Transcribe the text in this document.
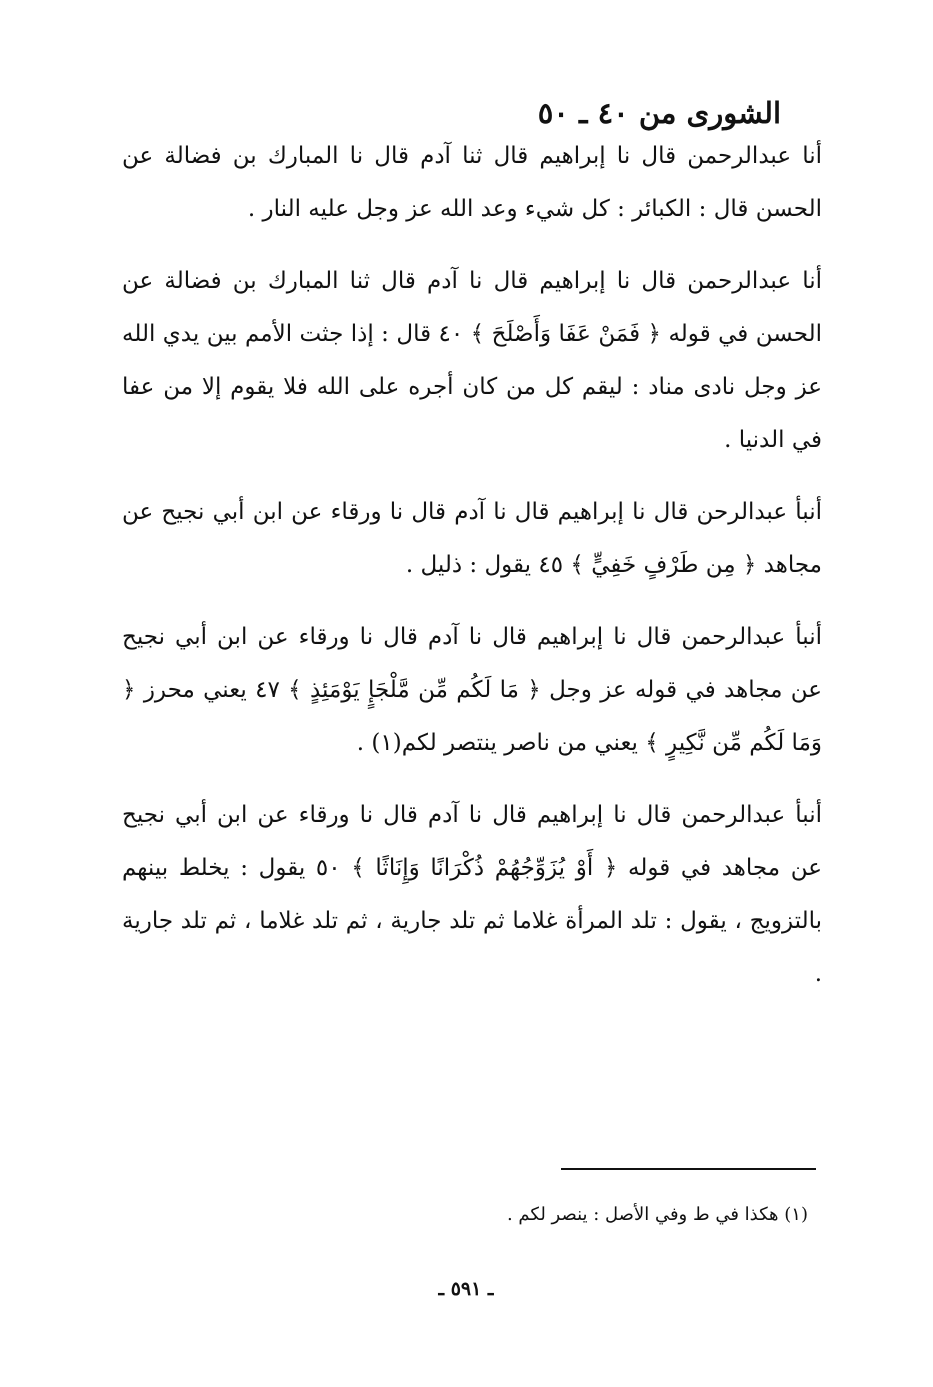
الشورى من ٤٠ ـ ٥٠

أنا عبدالرحمن قال نا إبراهيم قال ثنا آدم قال نا المبارك بن فضالة عن الحسن قال : الكبائر : كل شيء وعد الله عز وجل عليه النار .

أنا عبدالرحمن قال نا إبراهيم قال نا آدم قال ثنا المبارك بن فضالة عن الحسن في قوله ﴿ فَمَنْ عَفَا وَأَصْلَحَ ﴾ ٤٠ قال : إذا جثت الأمم بين يدي الله عز وجل نادى مناد : ليقم كل من كان أجره على الله فلا يقوم إلا من عفا في الدنيا .

أنبأ عبدالرحن قال نا إبراهيم قال نا آدم قال نا ورقاء عن ابن أبي نجيح عن مجاهد ﴿ مِن طَرْفٍ خَفِيٍّ ﴾ ٤٥ يقول : ذليل .

أنبأ عبدالرحمن قال نا إبراهيم قال نا آدم قال نا ورقاء عن ابن أبي نجيح عن مجاهد في قوله عز وجل ﴿ مَا لَكُم مِّن مَّلْجَإٍ يَوْمَئِذٍ ﴾ ٤٧ يعني محرز ﴿ وَمَا لَكُم مِّن نَّكِيرٍ ﴾ يعني من ناصر ينتصر لكم(١) .

أنبأ عبدالرحمن قال نا إبراهيم قال نا آدم قال نا ورقاء عن ابن أبي نجيح عن مجاهد في قوله ﴿ أَوْ يُزَوِّجُهُمْ ذُكْرَانًا وَإِنَاثًا ﴾ ٥٠ يقول : يخلط بينهم بالتزويج ، يقول : تلد المرأة غلاما ثم تلد جارية ، ثم تلد غلاما ، ثم تلد جارية .

(١) هكذا في ط وفي الأصل : ينصر لكم .
ـ ٥٩١ ـ
